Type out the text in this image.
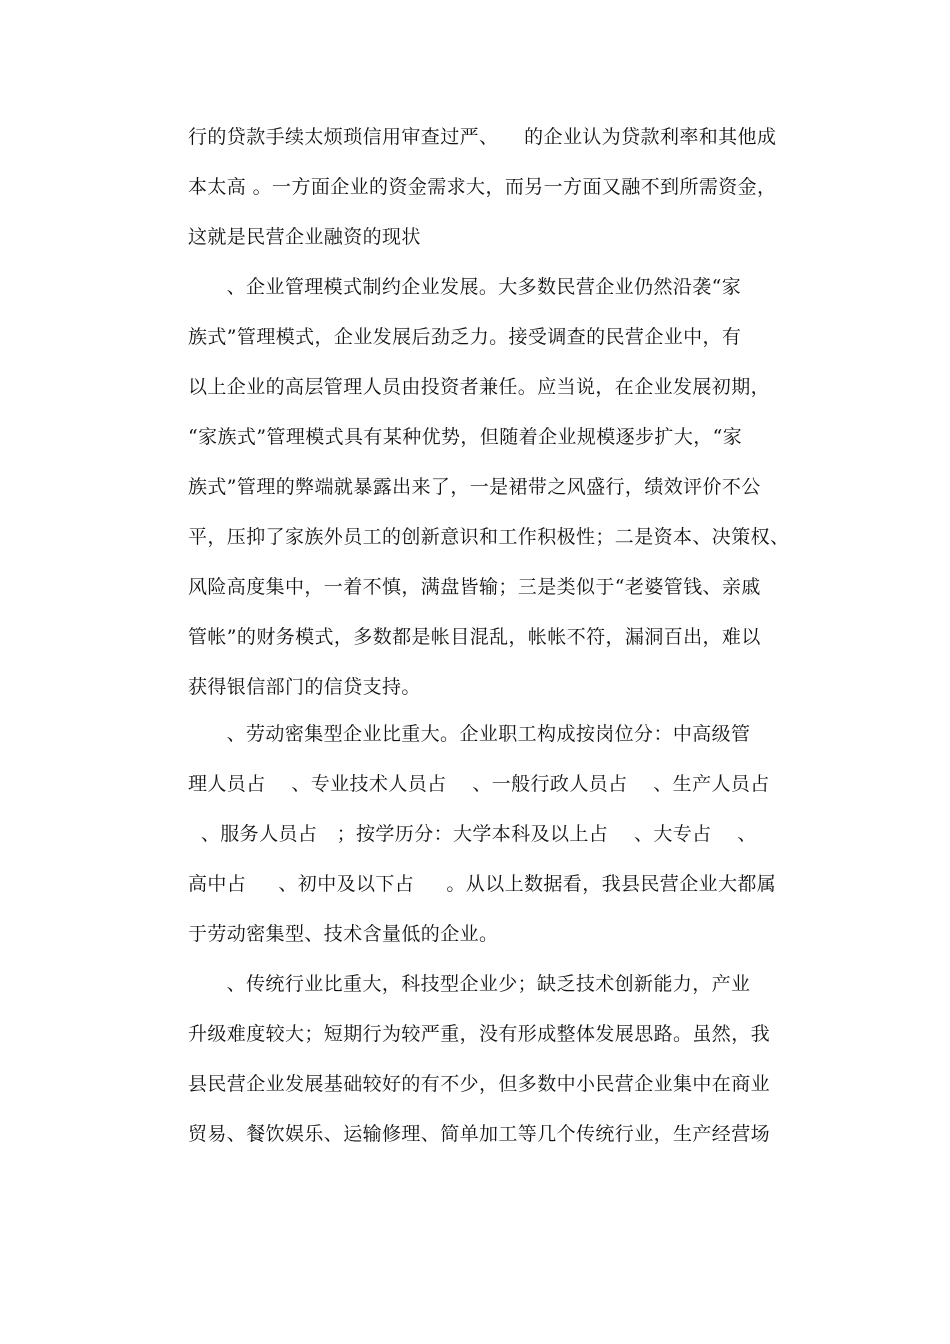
行的贷款手续太烦琐信用审查过严、    的企业认为贷款利率和其他成
本太高 。一方面企业的资金需求大，而另一方面又融不到所需资金，
这就是民营企业融资的现状
、企业管理模式制约企业发展。大多数民营企业仍然沿袭“家
族式”管理模式，企业发展后劲乏力。接受调查的民营企业中，有
以上企业的高层管理人员由投资者兼任。应当说，在企业发展初期，
“家族式”管理模式具有某种优势，但随着企业规模逐步扩大，“家
族式”管理的弊端就暴露出来了，一是裙带之风盛行，绩效评价不公
平，压抑了家族外员工的创新意识和工作积极性；二是资本、决策权、
风险高度集中，一着不慎，满盘皆输；三是类似于“老婆管钱、亲戚
管帐”的财务模式，多数都是帐目混乱，帐帐不符，漏洞百出，难以
获得银信部门的信贷支持。
、劳动密集型企业比重大。企业职工构成按岗位分：中高级管
理人员占    、专业技术人员占    、一般行政人员占    、生产人员占
、服务人员占   ；按学历分：大学本科及以上占    、大专占    、
高中占     、初中及以下占     。从以上数据看，我县民营企业大都属
于劳动密集型、技术含量低的企业。
、传统行业比重大，科技型企业少；缺乏技术创新能力，产业
升级难度较大；短期行为较严重，没有形成整体发展思路。虽然，我
县民营企业发展基础较好的有不少，但多数中小民营企业集中在商业
贸易、餐饮娱乐、运输修理、简单加工等几个传统行业，生产经营场
